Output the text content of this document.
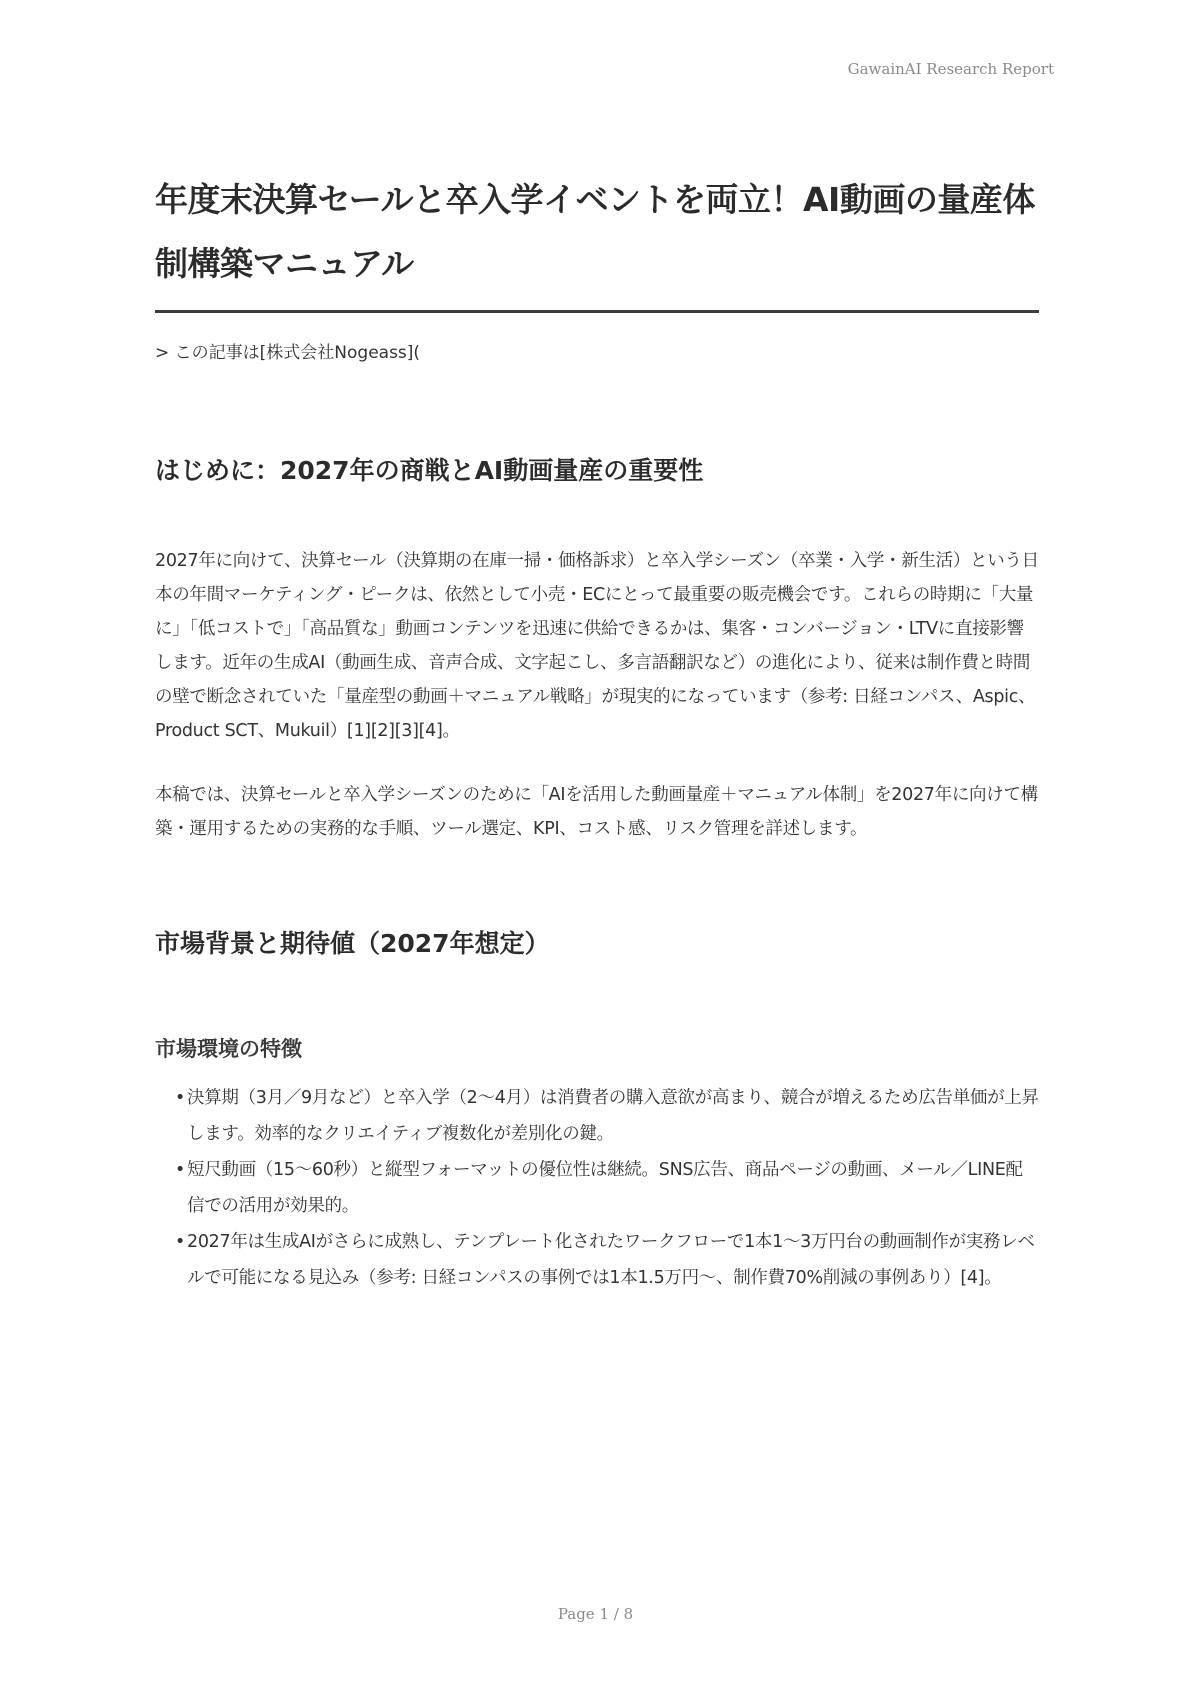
GawainAI Research Report
年度末決算セールと卒入学イベントを両立！AI動画の量産体制構築マニュアル
> この記事は[株式会社Nogeass](
はじめに：2027年の商戦とAI動画量産の重要性

2027年に向けて、決算セール（決算期の在庫一掃・価格訴求）と卒入学シーズン（卒業・入学・新生活）という日本の年間マーケティング・ピークは、依然として小売・ECにとって最重要の販売機会です。これらの時期に「大量に」「低コストで」「高品質な」動画コンテンツを迅速に供給できるかは、集客・コンバージョン・LTVに直接影響します。近年の生成AI（動画生成、音声合成、文字起こし、多言語翻訳など）の進化により、従来は制作費と時間の壁で断念されていた「量産型の動画＋マニュアル戦略」が現実的になっています（参考: 日経コンパス、Aspic、Product SCT、Mukuil）[1][2][3][4]。

本稿では、決算セールと卒入学シーズンのために「AIを活用した動画量産＋マニュアル体制」を2027年に向けて構築・運用するための実務的な手順、ツール選定、KPI、コスト感、リスク管理を詳述します。

市場背景と期待値（2027年想定）
市場環境の特徴
• 決算期（3月／9月など）と卒入学（2〜4月）は消費者の購入意欲が高まり、競合が増えるため広告単価が上昇します。効率的なクリエイティブ複数化が差別化の鍵。
• 短尺動画（15〜60秒）と縦型フォーマットの優位性は継続。SNS広告、商品ページの動画、メール／LINE配信での活用が効果的。
• 2027年は生成AIがさらに成熟し、テンプレート化されたワークフローで1本1〜3万円台の動画制作が実務レベルで可能になる見込み（参考: 日経コンパスの事例では1本1.5万円〜、制作費70%削減の事例あり）[4]。
Page 1 / 8
